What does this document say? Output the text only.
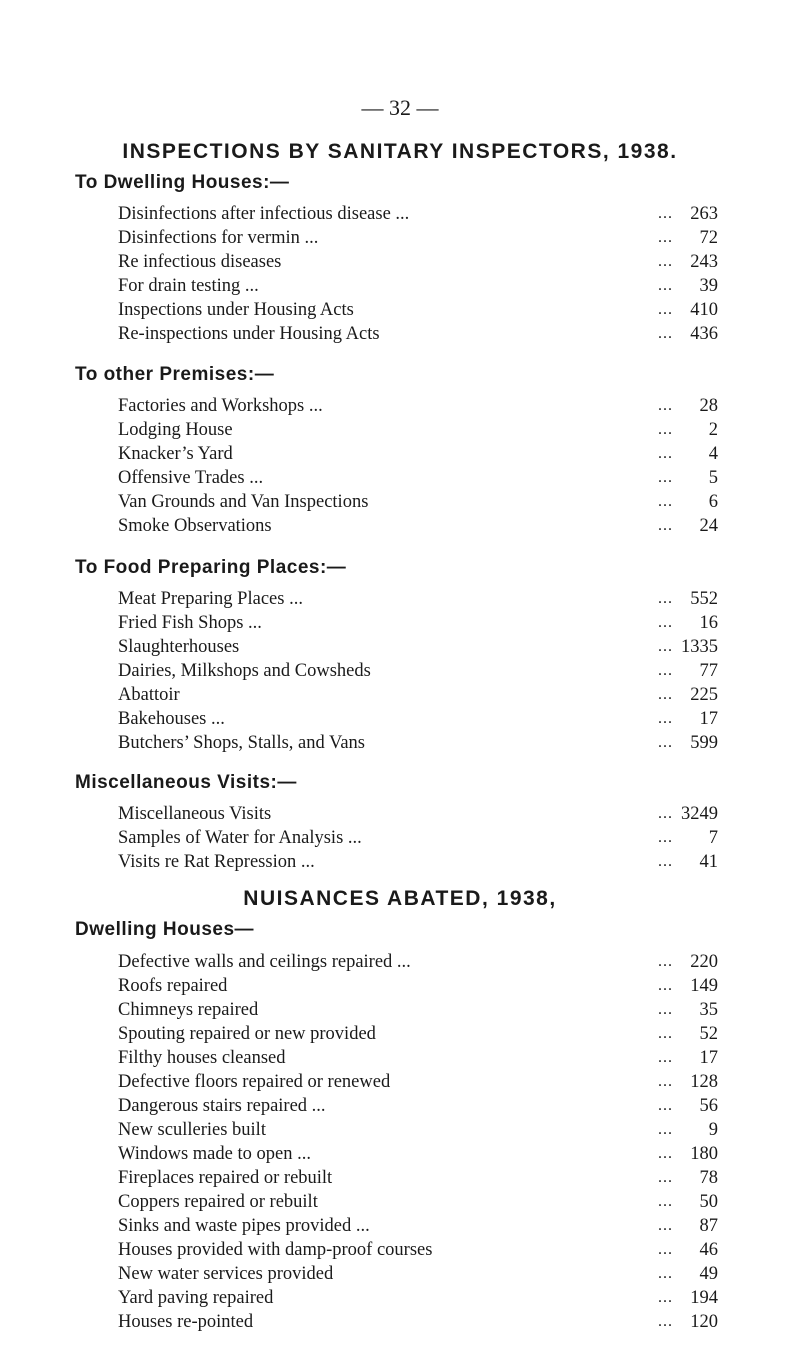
— 32 —
INSPECTIONS BY SANITARY INSPECTORS, 1938.
To Dwelling Houses:—
Disinfections after infectious disease ...	... 263
Disinfections for vermin ...	... 72
Re infectious diseases	... 243
For drain testing ...	... 39
Inspections under Housing Acts	... 410
Re-inspections under Housing Acts	... 436
To other Premises:—
Factories and Workshops ...	... 28
Lodging House	... 2
Knacker’s Yard	... 4
Offensive Trades ...	... 5
Van Grounds and Van Inspections	... 6
Smoke Observations	... 24
To Food Preparing Places:—
Meat Preparing Places ...	... 552
Fried Fish Shops ...	... 16
Slaughterhouses	... 1335
Dairies, Milkshops and Cowsheds	... 77
Abattoir	... 225
Bakehouses ...	... 17
Butchers’ Shops, Stalls, and Vans	... 599
Miscellaneous Visits:—
Miscellaneous Visits	... 3249
Samples of Water for Analysis ...	... 7
Visits re Rat Repression ...	... 41
NUISANCES ABATED, 1938,
Dwelling Houses—
Defective walls and ceilings repaired ...	... 220
Roofs repaired	... 149
Chimneys repaired	... 35
Spouting repaired or new provided	... 52
Filthy houses cleansed	... 17
Defective floors repaired or renewed	... 128
Dangerous stairs repaired ...	... 56
New sculleries built	... 9
Windows made to open ...	... 180
Fireplaces repaired or rebuilt	... 78
Coppers repaired or rebuilt	... 50
Sinks and waste pipes provided ...	... 87
Houses provided with damp-proof courses	... 46
New water services provided	... 49
Yard paving repaired	... 194
Houses re-pointed	... 120
